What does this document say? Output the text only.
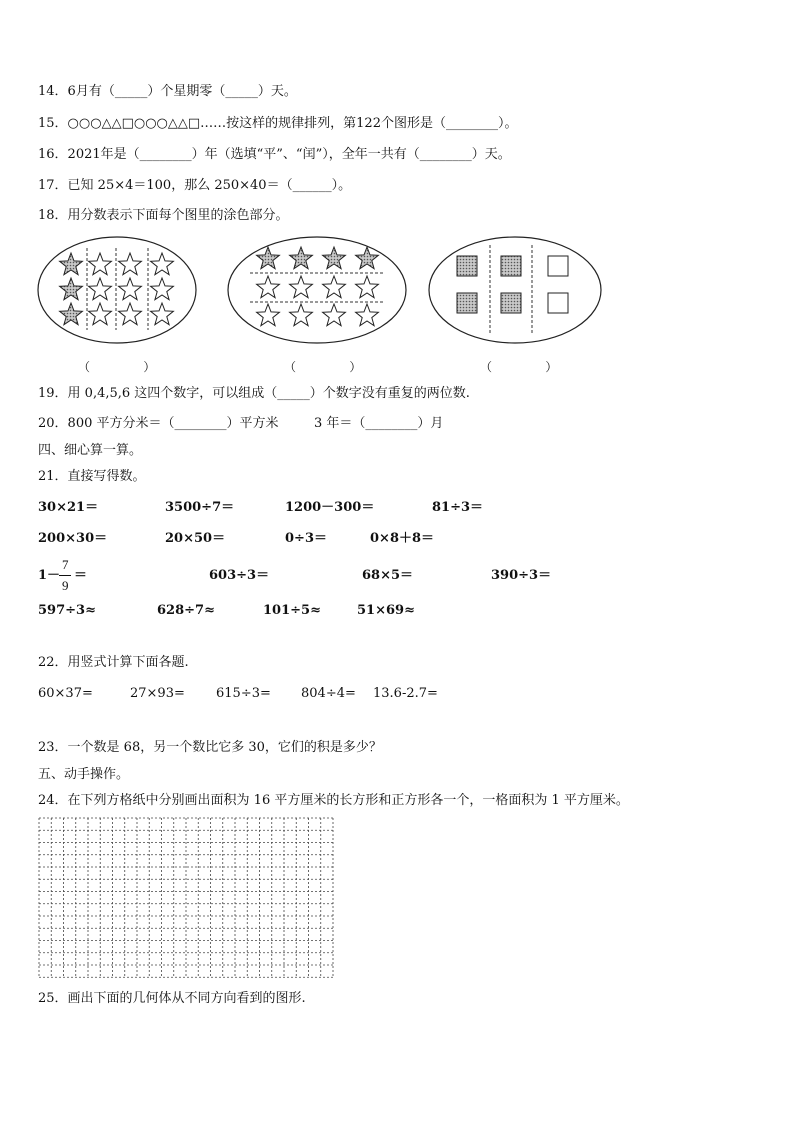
14．6月有（_____）个星期零（_____）天。
15．○○○△△□○○○△△□……按这样的规律排列，第122个图形是（________）。
16．2021年是（________）年（选填“平”、“闰”），全年一共有（________）天。
17．已知 25×4＝100，那么 250×40＝（______）。
18．用分数表示下面每个图里的涂色部分。
（              ）	（              ）	（              ）
19．用 0,4,5,6 这四个数字，可以组成（_____）个数字没有重复的两位数.
20．800 平方分米＝（________）平方米	3 年＝（________）月
四、细心算一算。
21．直接写得数。
30×21＝	3500÷7＝	1200－300＝	81÷3＝
200×30＝	20×50＝	0÷3＝	0×8＋8＝
1－
7
9
＝	603÷3＝	68×5＝	390÷3＝
597÷3≈	628÷7≈	101÷5≈	51×69≈
22．用竖式计算下面各题.
60×37=	27×93= 615÷3= 804÷4= 13.6-2.7=
23．一个数是 68，另一个数比它多 30，它们的积是多少？
五、动手操作。
24．在下列方格纸中分别画出面积为 16 平方厘米的长方形和正方形各一个，一格面积为 1 平方厘米。
25．画出下面的几何体从不同方向看到的图形.
